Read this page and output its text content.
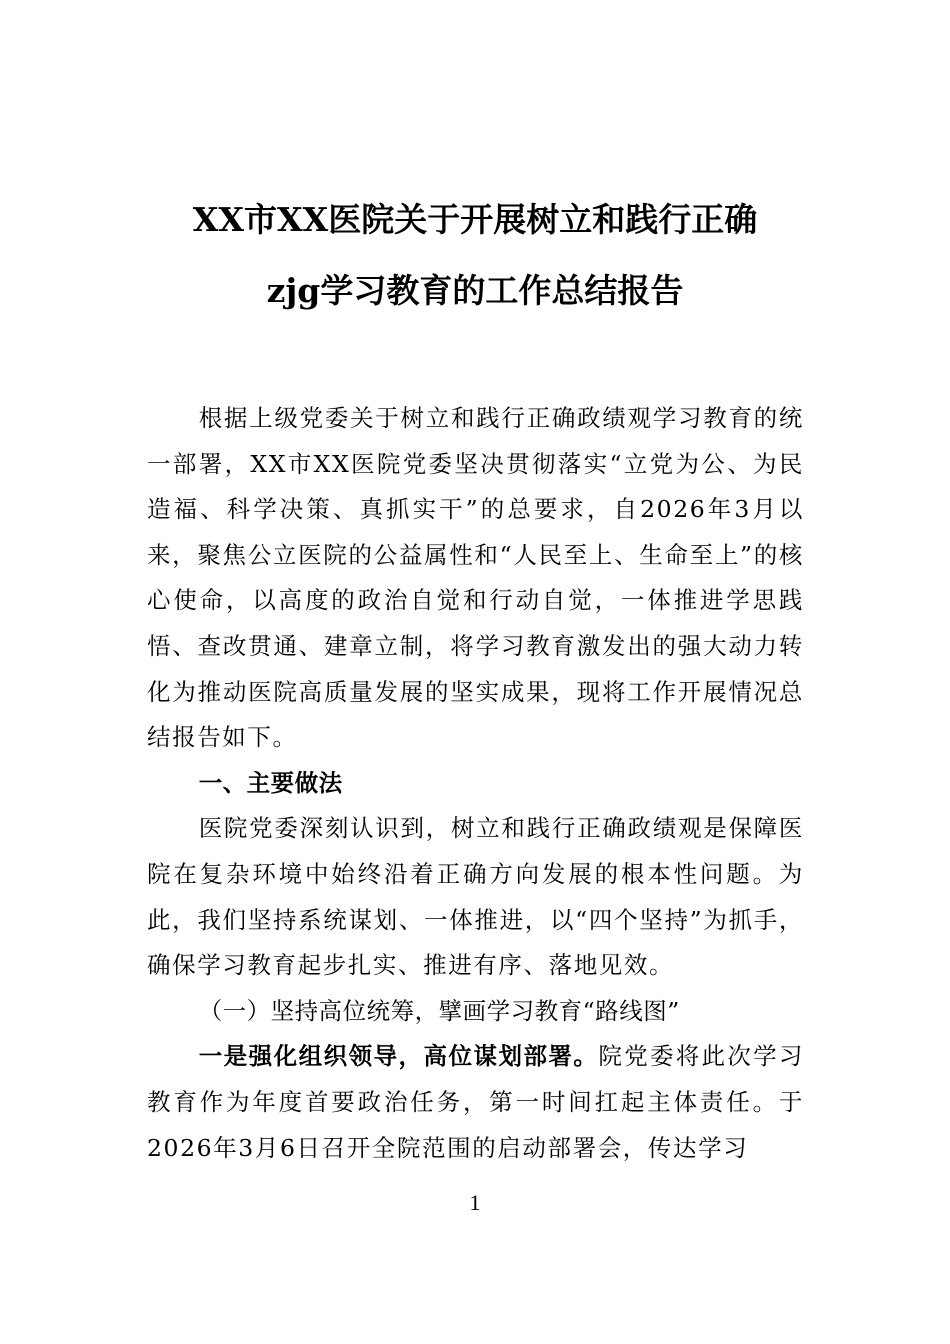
XX市XX医院关于开展树立和践行正确
zjg学习教育的工作总结报告

根据上级党委关于树立和践行正确政绩观学习教育的统一部署，XX市XX医院党委坚决贯彻落实“立党为公、为民造福、科学决策、真抓实干”的总要求，自2026年3月以来，聚焦公立医院的公益属性和“人民至上、生命至上”的核心使命，以高度的政治自觉和行动自觉，一体推进学思践悟、查改贯通、建章立制，将学习教育激发出的强大动力转化为推动医院高质量发展的坚实成果，现将工作开展情况总结报告如下。

一、主要做法

医院党委深刻认识到，树立和践行正确政绩观是保障医院在复杂环境中始终沿着正确方向发展的根本性问题。为此，我们坚持系统谋划、一体推进，以“四个坚持”为抓手，确保学习教育起步扎实、推进有序、落地见效。

（一）坚持高位统筹，擘画学习教育“路线图”

一是强化组织领导，高位谋划部署。院党委将此次学习教育作为年度首要政治任务，第一时间扛起主体责任。于2026年3月6日召开全院范围的启动部署会，传达学习

1
